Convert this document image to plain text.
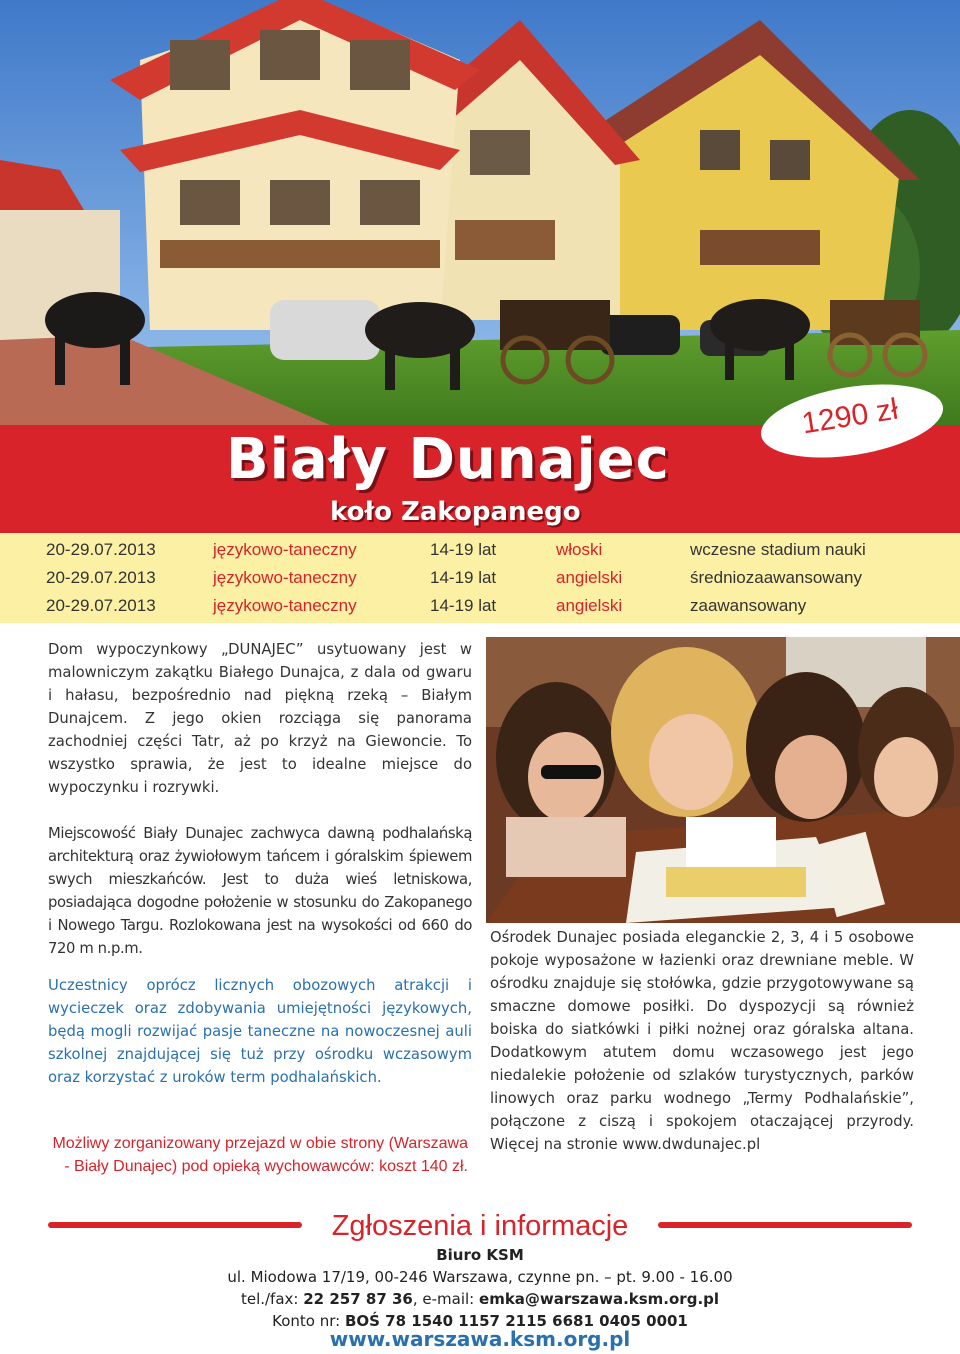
1290 zł
Biały Dunajec
koło Zakopanego
20-29.07.2013	językowo-taneczny	14-19 lat	włoski	wczesne stadium nauki
20-29.07.2013	językowo-taneczny	14-19 lat	angielski	średniozaawansowany
20-29.07.2013	językowo-taneczny	14-19 lat	angielski	zaawansowany

Dom wypoczynkowy „DUNAJEC” usytuowany jest w malowniczym zakątku Białego Dunajca, z dala od gwaru i hałasu, bezpośrednio nad piękną rzeką – Białym Dunajcem. Z jego okien rozciąga się panorama zachodniej części Tatr, aż po krzyż na Giewoncie. To wszystko sprawia, że jest to idealne miejsce do wypoczynku i rozrywki.

Miejscowość Biały Dunajec zachwyca dawną podhalańską architekturą oraz żywiołowym tańcem i góralskim śpiewem swych mieszkańców. Jest to duża wieś letniskowa, posiadająca dogodne położenie w stosunku do Zakopanego i Nowego Targu. Rozlokowana jest na wysokości od 660 do 720 m n.p.m.

Uczestnicy oprócz licznych obozowych atrakcji i wycieczek oraz zdobywania umiejętności językowych, będą mogli rozwijać pasje taneczne na nowoczesnej auli szkolnej znajdującej się tuż przy ośrodku wczasowym oraz korzystać z uroków term podhalańskich.

Możliwy zorganizowany przejazd w obie strony (Warszawa - Biały Dunajec) pod opieką wychowawców: koszt 140 zł.

Ośrodek Dunajec posiada eleganckie 2, 3, 4 i 5 osobowe pokoje wyposażone w łazienki oraz drewniane meble. W ośrodku znajduje się stołówka, gdzie przygotowywane są smaczne domowe posiłki. Do dyspozycji są również boiska do siatkówki i piłki nożnej oraz góralska altana. Dodatkowym atutem domu wczasowego jest jego niedalekie położenie od szlaków turystycznych, parków linowych oraz parku wodnego „Termy Podhalańskie”, połączone z ciszą i spokojem otaczającej przyrody. Więcej na stronie www.dwdunajec.pl

Zgłoszenia i informacje
Biuro KSM
ul. Miodowa 17/19, 00-246 Warszawa, czynne pn. – pt. 9.00 - 16.00
tel./fax: 22 257 87 36, e-mail: emka@warszawa.ksm.org.pl
Konto nr: BOŚ 78 1540 1157 2115 6681 0405 0001
www.warszawa.ksm.org.pl
